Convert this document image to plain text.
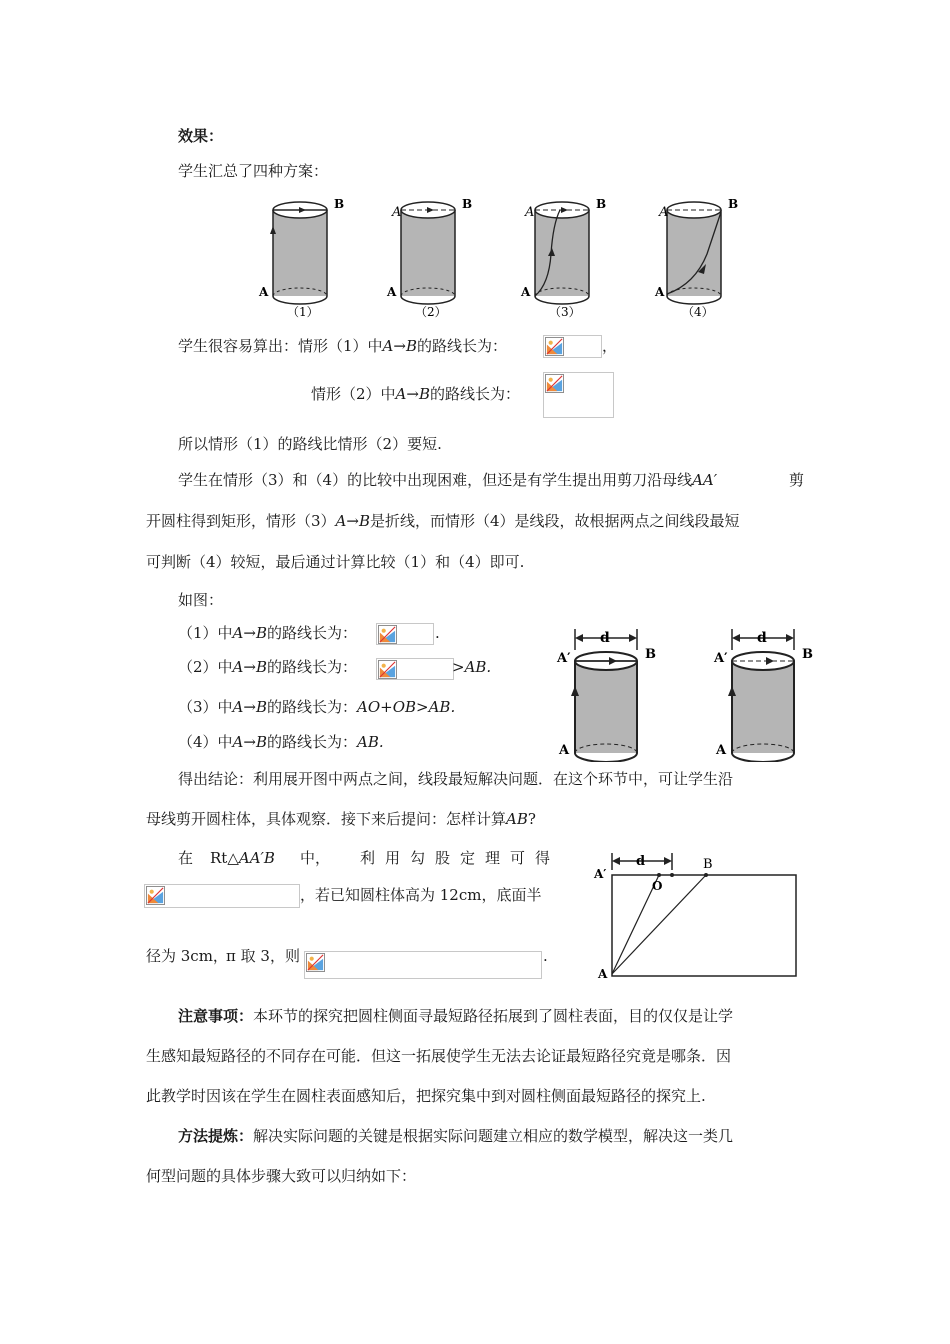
效果：
学生汇总了四种方案：
A
B
（1）
A
A
B
（2）
A
A
B
（3）
A
A
B
（4）
学生很容易算出：情形（1）中A→B的路线长为：	，
情形（2）中A→B的路线长为：
所以情形（1）的路线比情形（2）要短.
学生在情形（3）和（4）的比较中出现困难，但还是有学生提出用剪刀沿母线AA′	剪
开圆柱得到矩形，情形（3）A→B是折线，而情形（4）是线段，故根据两点之间线段最短
可判断（4）较短，最后通过计算比较（1）和（4）即可.
如图：
（1）中A→B的路线长为：	.
（2）中A→B的路线长为：	>AB.
（3）中A→B的路线长为：AO+OB>AB.
（4）中A→B的路线长为：AB.
d
A′	B
A
d
A′	B
A
得出结论：利用展开图中两点之间，线段最短解决问题．在这个环节中，可让学生沿
母线剪开圆柱体，具体观察．接下来后提问：怎样计算AB?
在 Rt△AA′B 中， 利用勾股定理可得
，若已知圆柱体高为 12cm，底面半
径为 3cm，
π 取 3，则	.
d
A′
B
O
A
注意事项：本环节的探究把圆柱侧面寻最短路径拓展到了圆柱表面，目的仅仅是让学
生感知最短路径的不同存在可能．但这一拓展使学生无法去论证最短路径究竟是哪条．因
此教学时因该在学生在圆柱表面感知后，把探究集中到对圆柱侧面最短路径的探究上.
方法提炼：解决实际问题的关键是根据实际问题建立相应的数学模型，解决这一类几
何型问题的具体步骤大致可以归纳如下：
